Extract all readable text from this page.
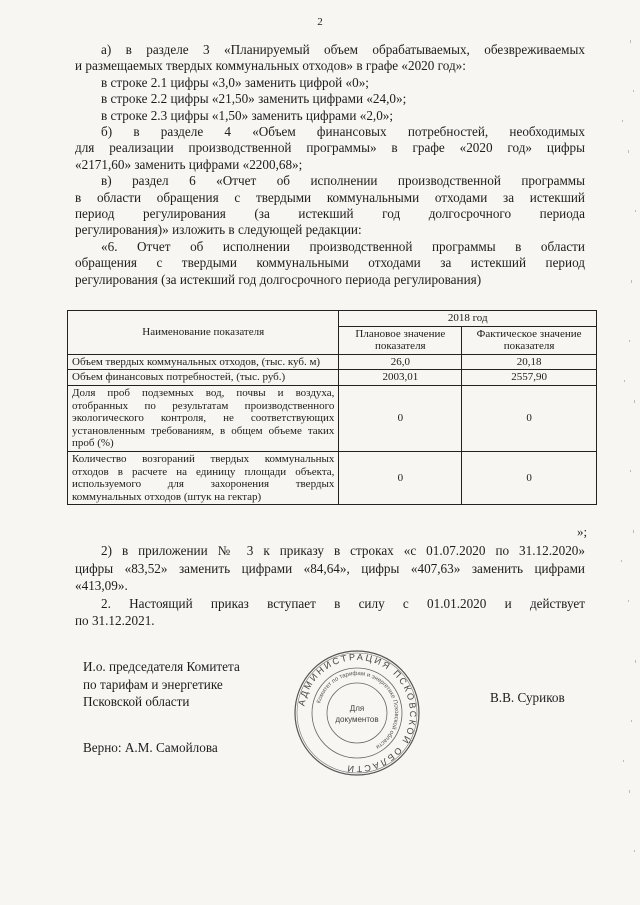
2

а) в разделе 3 «Планируемый объем обрабатываемых, обезвреживаемых

и размещаемых твердых коммунальных отходов» в графе «2020 год»:

в строке 2.1 цифры «3,0» заменить цифрой «0»;

в строке 2.2 цифры «21,50» заменить цифрами «24,0»;

в строке 2.3 цифры «1,50» заменить цифрами «2,0»;

б) в разделе 4 «Объем финансовых потребностей, необходимых

для реализации производственной программы» в графе «2020 год» цифры

«2171,60» заменить цифрами «2200,68»;

в) раздел 6 «Отчет об исполнении производственной программы

в области обращения с твердыми коммунальными отходами за истекший

период регулирования (за истекший год долгосрочного периода

регулирования)» изложить в следующей редакции:

«6. Отчет об исполнении производственной программы в области

обращения с твердыми коммунальными отходами за истекший период

регулирования (за истекший год долгосрочного периода регулирования)

Наименование показателя	2018 год	
	Плановое значение показателя	Фактическое значение показателя
Объем твердых коммунальных отходов, (тыс. куб. м)	26,0	20,18
Объем финансовых потребностей, (тыс. руб.)	2003,01	2557,90
Доля проб подземных вод, почвы и воздуха, отобранных по результатам производственного экологического контроля, не соответствующих установленным требованиям, в общем объеме таких проб (%)	0	0
Количество возгораний твердых коммунальных отходов в расчете на единицу площади объекта, используемого для захоронения твердых коммунальных отходов (штук на гектар)	0	0
»;

2) в приложении № 3 к приказу в строках «с 01.07.2020 по 31.12.2020»

цифры «83,52» заменить цифрами «84,64», цифры «407,63» заменить цифрами

«413,09».

2. Настоящий приказ вступает в силу с 01.01.2020 и действует

по 31.12.2021.

И.о. председателя Комитета

по тарифам и энергетике

Псковской области

Верно: А.М. Самойлова
В.В. Суриков
АДМИНИСТРАЦИЯ ПСКОВСКОЙ ОБЛАСТИ
Комитет по тарифам и энергетике Псковской области
Для
документов
